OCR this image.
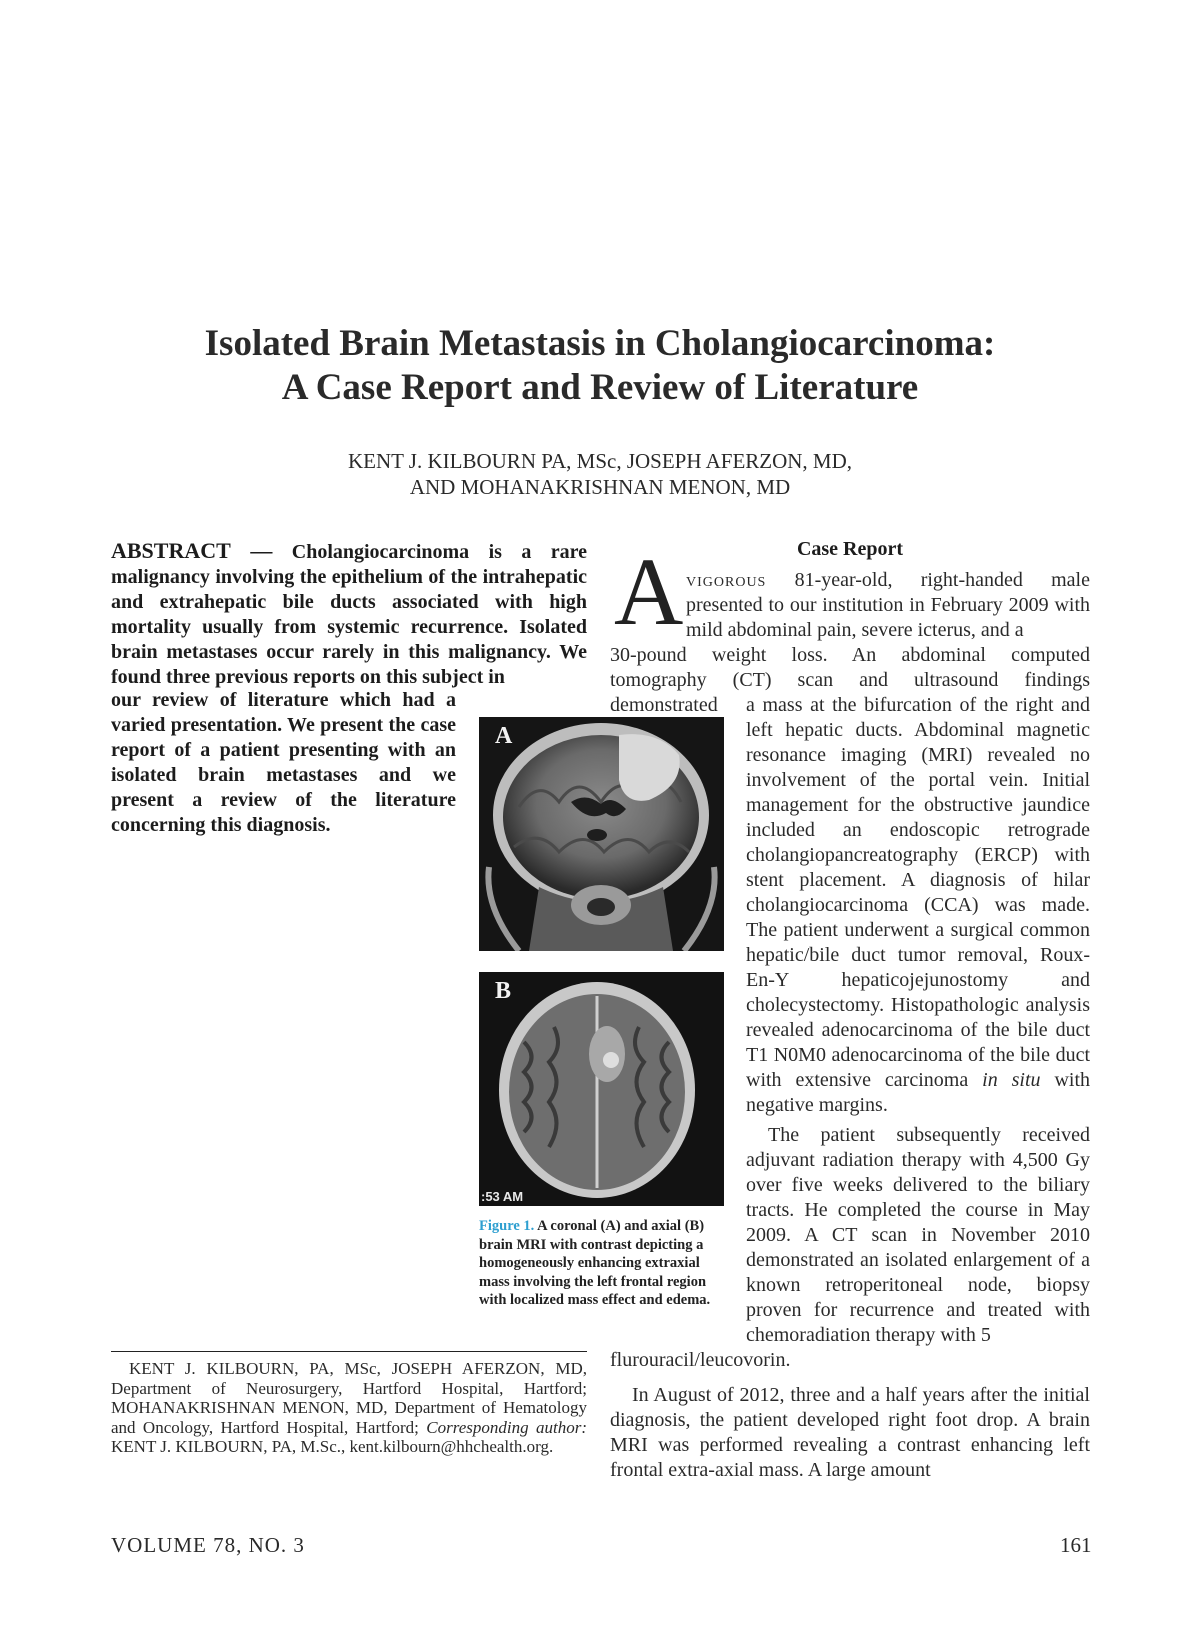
Isolated Brain Metastasis in Cholangiocarcinoma:
A Case Report and Review of Literature
KENT J. KILBOURN PA, MSc, JOSEPH AFERZON, MD,
AND MOHANAKRISHNAN MENON, MD
ABSTRACT — Cholangiocarcinoma is a rare malignancy involving the epithelium of the intrahepatic and extrahepatic bile ducts associated with high mortality usually from systemic recurrence. Isolated brain metastases occur rarely in this malignancy. We found three previous reports on this subject in
our review of literature which had a varied presentation. We present the case report of a patient presenting with an isolated brain metastases and we present a review of the literature concerning this diagnosis.
A
B
:53 AM
Figure 1. A coronal (A) and axial (B) brain MRI with contrast depicting a homogeneously enhancing extraxial mass involving the left frontal region with localized mass effect and edema.
KENT J. KILBOURN, PA, MSc, JOSEPH AFERZON, MD, Department of Neurosurgery, Hartford Hospital, Hartford; MOHANAKRISHNAN MENON, MD, Department of Hematology and Oncology, Hartford Hospital, Hartford; Corresponding author: KENT J. KILBOURN, PA, M.Sc., kent.kilbourn@hhchealth.org.
Case Report
A vigorous 81-year-old, right-handed male presented to our institution in February 2009 with mild abdominal pain, severe icterus, and a
30-pound weight loss. An abdominal computed tomography (CT) scan and ultrasound findings demonstrated	a mass at the bifurcation of the right and left hepatic ducts. Abdominal magnetic resonance imaging (MRI) revealed no involvement of the portal vein. Initial management for the obstructive jaundice included an endoscopic retrograde cholangiopancreatography (ERCP) with stent placement. A diagnosis of hilar cholangiocarcinoma (CCA) was made. The patient underwent a surgical common hepatic/bile duct tumor removal, Roux-En-Y hepaticojejunostomy and cholecystectomy. Histopathologic analysis revealed adenocarcinoma of the bile duct T1 N0M0 adenocarcinoma of the bile duct with extensive carcinoma in situ with negative margins.
The patient subsequently received adjuvant radiation therapy with 4,500 Gy over five weeks delivered to the biliary tracts. He completed the course in May 2009. A CT scan in November 2010 demonstrated an isolated enlargement of a known retroperitoneal node, biopsy proven for recurrence and treated with chemoradiation therapy with 5
flurouracil/leucovorin.
In August of 2012, three and a half years after the initial diagnosis, the patient developed right foot drop. A brain MRI was performed revealing a contrast enhancing left frontal extra-axial mass. A large amount
VOLUME 78, NO. 3	161
